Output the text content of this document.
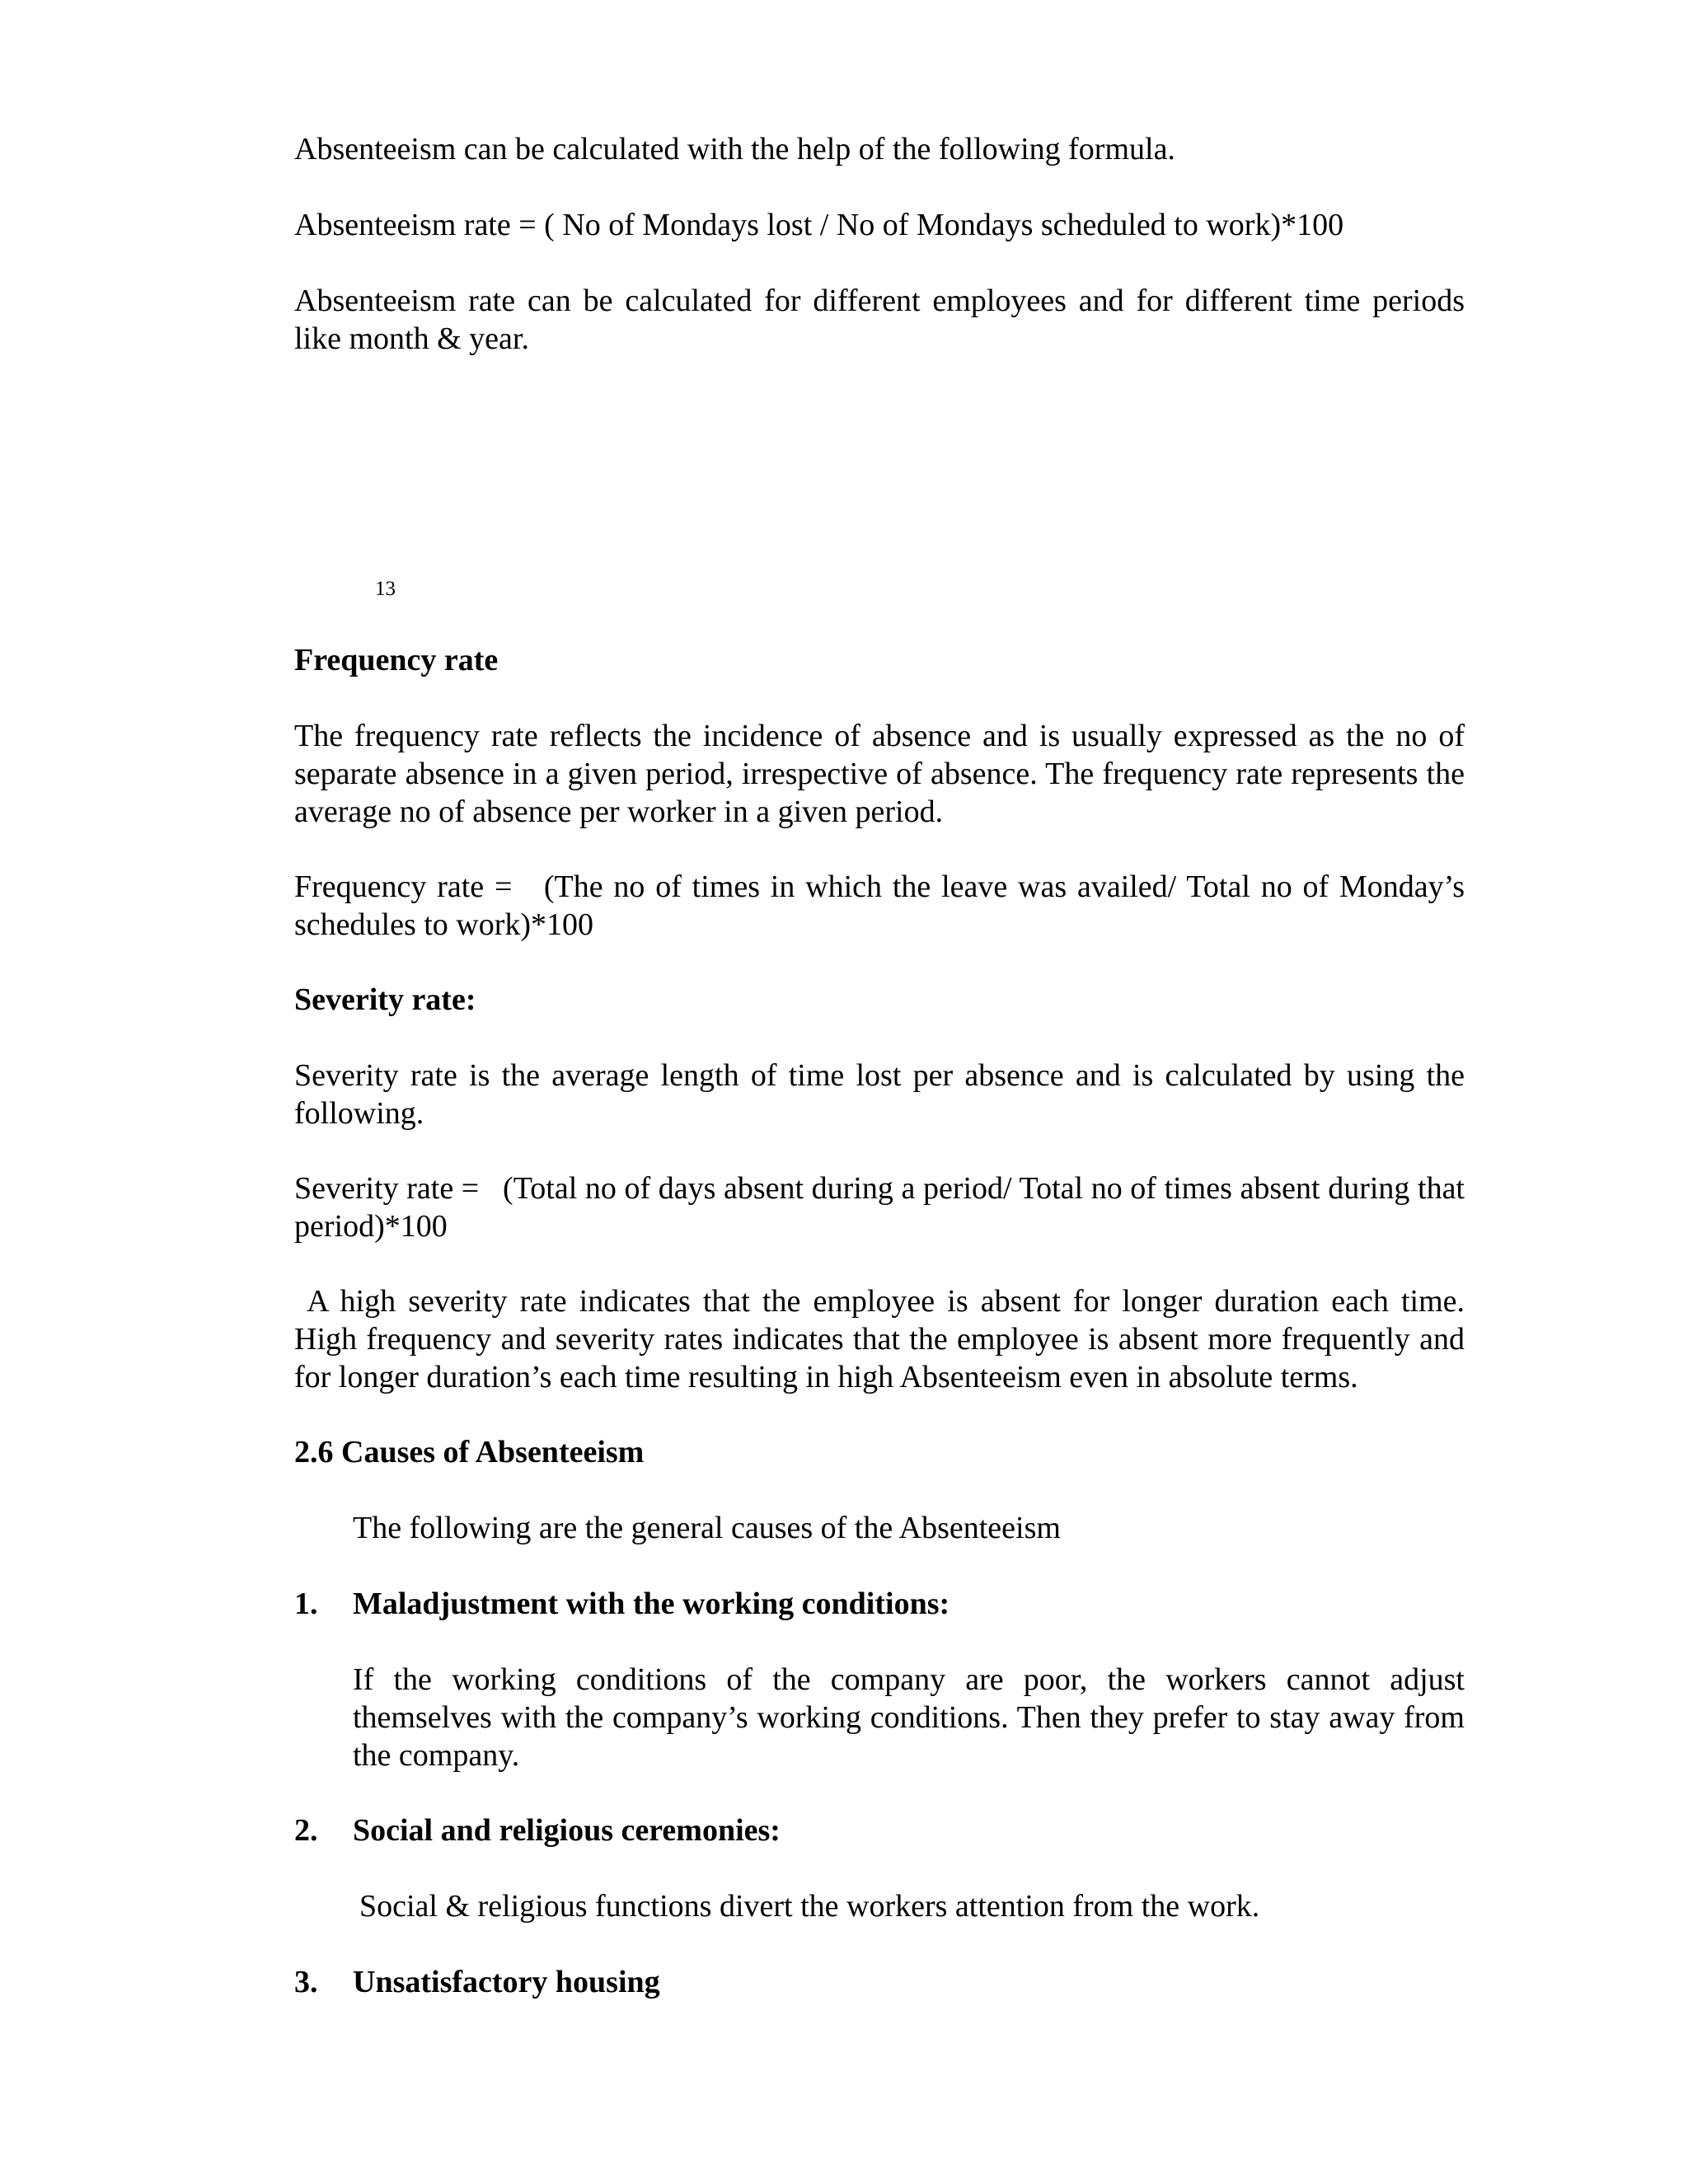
Absenteeism can be calculated with the help of the following formula.

Absenteeism rate = ( No of Mondays lost / No of Mondays scheduled to work)*100

Absenteeism rate can be calculated for different employees and for different time periods like month & year.

13
Frequency rate

The frequency rate reflects the incidence of absence and is usually expressed as the no of separate absence in a given period, irrespective of absence. The frequency rate represents the average no of absence per worker in a given period.

Frequency rate =   (The no of times in which the leave was availed/ Total no of Monday’s schedules to work)*100

Severity rate:

Severity rate is the average length of time lost per absence and is calculated by using the following.

Severity rate =   (Total no of days absent during a period/ Total no of times absent during that period)*100

A high severity rate indicates that the employee is absent for longer duration each time. High frequency and severity rates indicates that the employee is absent more frequently and for longer duration’s each time resulting in high Absenteeism even in absolute terms.

2.6 Causes of Absenteeism

The following are the general causes of the Absenteeism

1. Maladjustment with the working conditions:

If the working conditions of the company are poor, the workers cannot adjust themselves with the company’s working conditions. Then they prefer to stay away from the company.

2. Social and religious ceremonies:

Social & religious functions divert the workers attention from the work.

3. Unsatisfactory housing
